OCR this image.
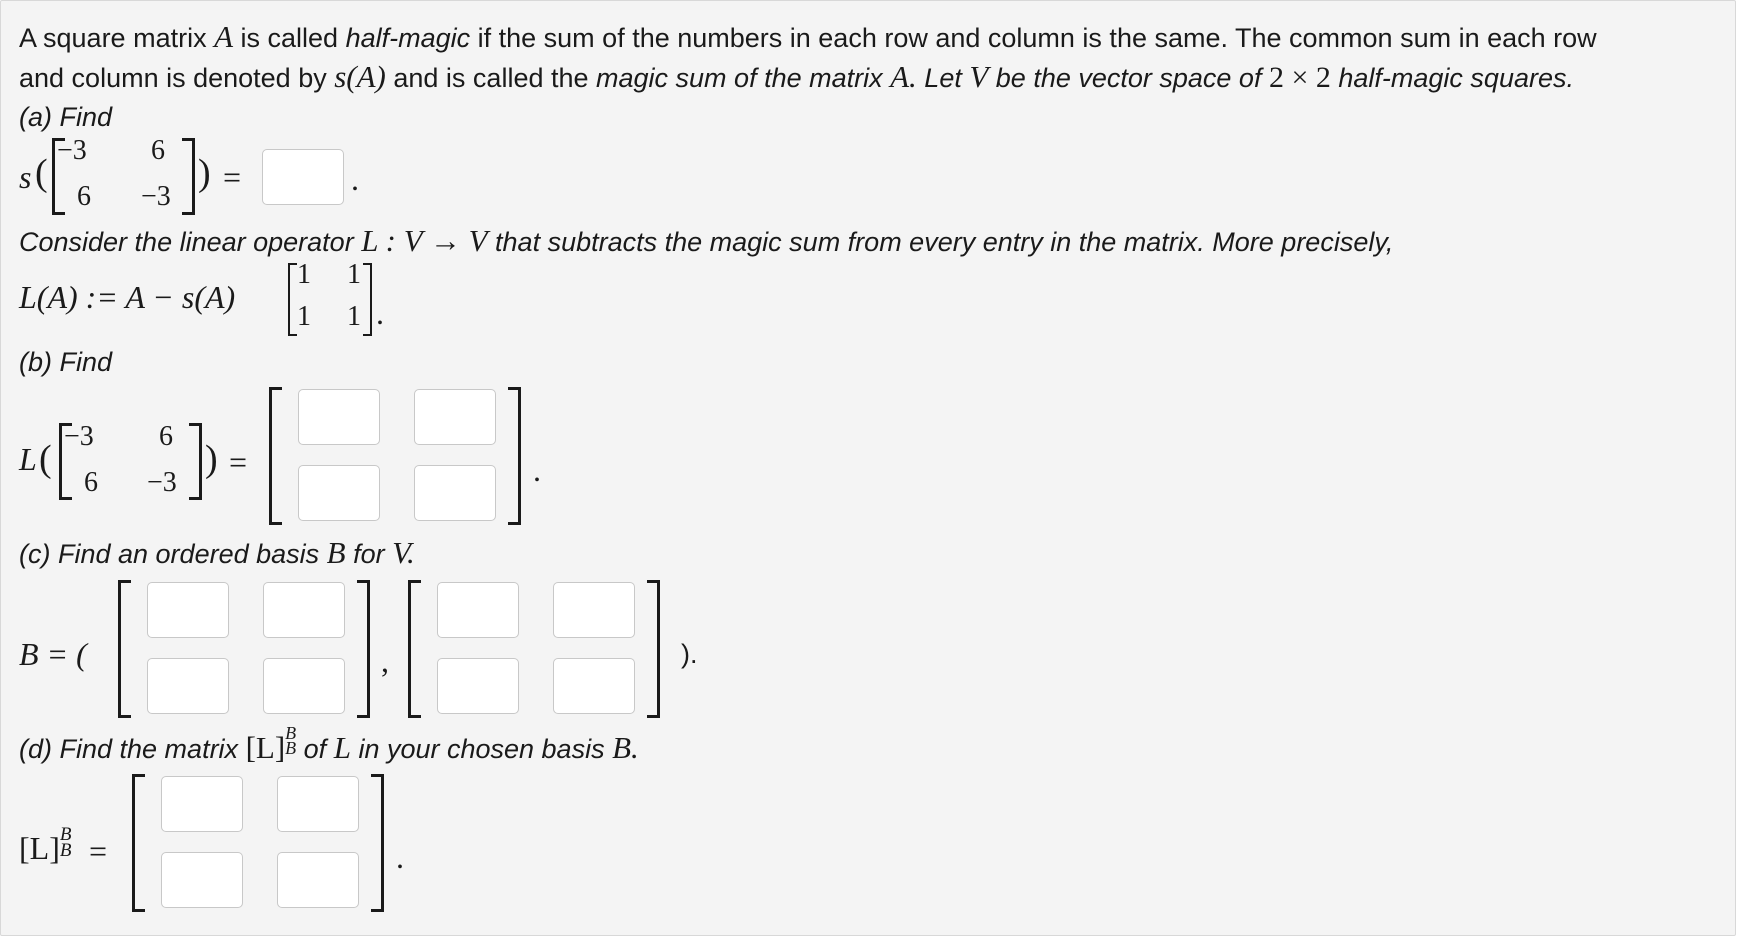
A square matrix A is called half-magic if the sum of the numbers in each row and column is the same. The common sum in each row
and column is denoted by s(A) and is called the magic sum of the matrix A. Let V be the vector space of 2 × 2 half-magic squares.
(a) Find
s (
−3 6
6 −3
) =	.
Consider the linear operator L : V → V that subtracts the magic sum from every entry in the matrix. More precisely,
L(A) := A − s(A)
1 1
1 1 .
(b) Find
L (
−3 6
6 −3
) =	.
(c) Find an ordered basis B for V.
B = (	,	).
(d) Find the matrix [L]B
B of L in your chosen basis B.
[L]B
B =	.
